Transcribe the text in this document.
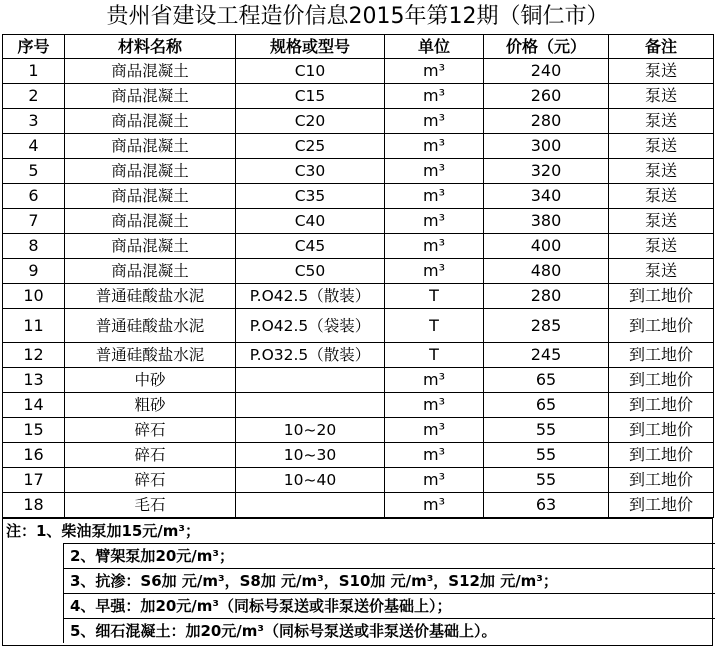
贵州省建设工程造价信息2015年第12期（铜仁市）
序号	材料名称	规格或型号	单位	价格（元）	备注
1	商品混凝土	C10	m³	240	泵送
2	商品混凝土	C15	m³	260	泵送
3	商品混凝土	C20	m³	280	泵送
4	商品混凝土	C25	m³	300	泵送
5	商品混凝土	C30	m³	320	泵送
6	商品混凝土	C35	m³	340	泵送
7	商品混凝土	C40	m³	380	泵送
8	商品混凝土	C45	m³	400	泵送
9	商品混凝土	C50	m³	480	泵送
10	普通硅酸盐水泥	P.O42.5（散装）	T	280	到工地价
11	普通硅酸盐水泥	P.O42.5（袋装）	T	285	到工地价
12	普通硅酸盐水泥	P.O32.5（散装）	T	245	到工地价
13	中砂		m³	65	到工地价
14	粗砂		m³	65	到工地价
15	碎石	10~20	m³	55	到工地价
16	碎石	10~30	m³	55	到工地价
17	碎石	10~40	m³	55	到工地价
18	毛石		m³	63	到工地价
注：1、柴油泵加15元/m³；
2、臂架泵加20元/m³；
3、抗渗：S6加 元/m³，S8加 元/m³，S10加 元/m³，S12加 元/m³；
4、早强：加20元/m³（同标号泵送或非泵送价基础上）；
5、细石混凝土：加20元/m³（同标号泵送或非泵送价基础上）。
